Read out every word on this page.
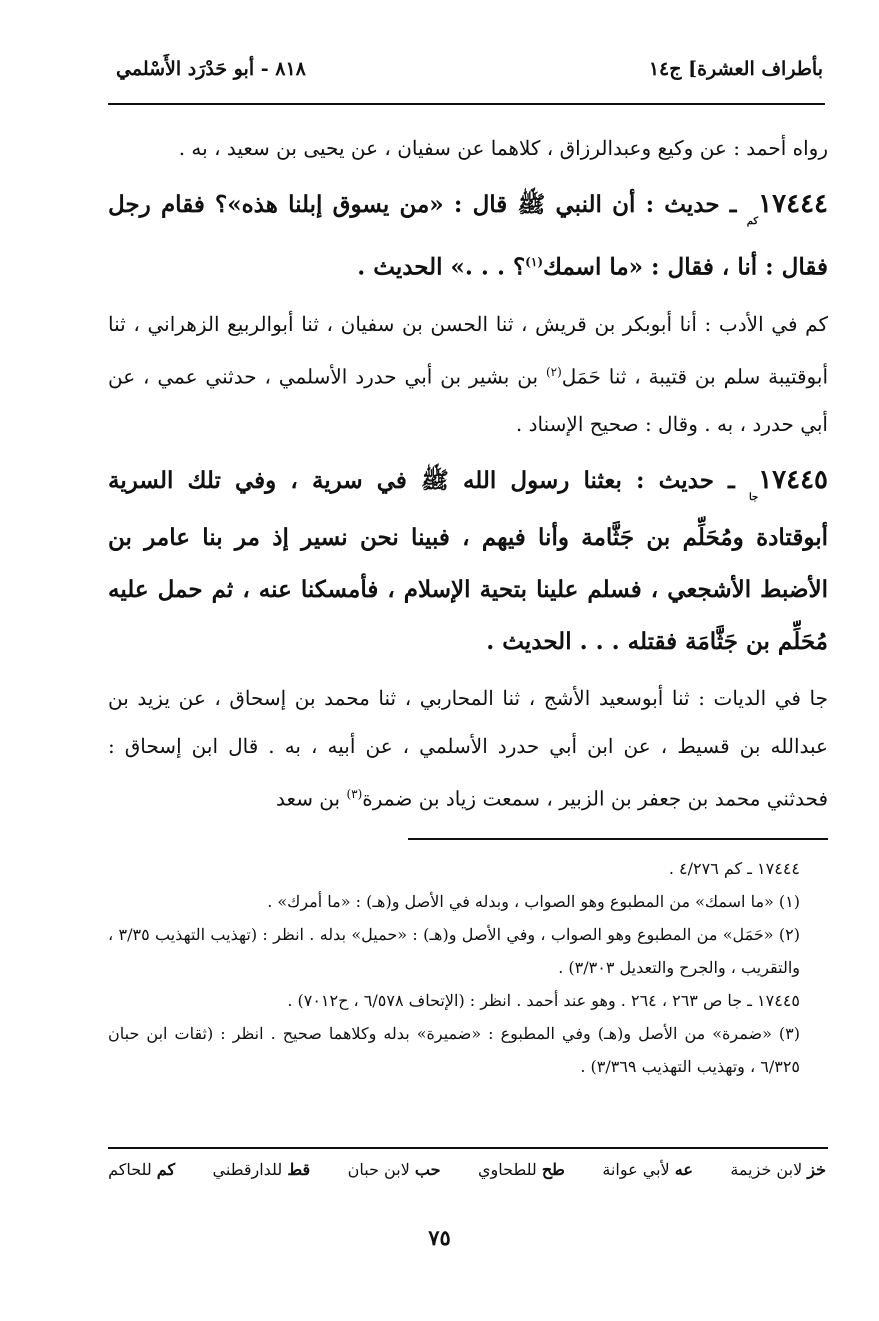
بأطراف العشرة] ج١٤
٨١٨ - أبو حَدْرَد الأَسْلمي

رواه أحمد : عن وكيع وعبدالرزاق ، كلاهما عن سفيان ، عن يحيى بن سعيد ، به .

١٧٤٤٤كم ـ حديث : أن النبي ﷺ قال : «من يسوق إبلنا هذه»؟ فقام رجل فقال : أنا ، فقال : «ما اسمك$^{(١)}$؟ . . .» الحديث .

كم في الأدب : أنا أبوبكر بن قريش ، ثنا الحسن بن سفيان ، ثنا أبوالربيع الزهراني ، ثنا أبوقتيبة سلم بن قتيبة ، ثنا حَمَل$^{(٢)}$ بن بشير بن أبي حدرد الأسلمي ، حدثني عمي ، عن أبي حدرد ، به . وقال : صحيح الإسناد .

١٧٤٤٥جا ـ حديث : بعثنا رسول الله ﷺ في سرية ، وفي تلك السرية أبوقتادة ومُحَلِّم بن جَثَّامة وأنا فيهم ، فبينا نحن نسير إذ مر بنا عامر بن الأضبط الأشجعي ، فسلم علينا بتحية الإسلام ، فأمسكنا عنه ، ثم حمل عليه مُحَلِّم بن جَثَّامَة فقتله . . . الحديث .

جا في الديات : ثنا أبوسعيد الأشج ، ثنا المحاربي ، ثنا محمد بن إسحاق ، عن يزيد بن عبدالله بن قسيط ، عن ابن أبي حدرد الأسلمي ، عن أبيه ، به . قال ابن إسحاق : فحدثني محمد بن جعفر بن الزبير ، سمعت زياد بن ضمرة$^{(٣)}$ بن سعد

١٧٤٤٤ ـ كم ٤/٢٧٦ .

(١) «ما اسمك» من المطبوع وهو الصواب ، وبدله في الأصل و(هـ) : «ما أمرك» .

(٢) «حَمَل» من المطبوع وهو الصواب ، وفي الأصل و(هـ) : «حميل» بدله . انظر : (تهذيب التهذيب ٣/٣٥ ، والتقريب ، والجرح والتعديل ٣/٣٠٣) .

١٧٤٤٥ ـ جا ص ٢٦٣ ، ٢٦٤ . وهو عند أحمد . انظر : (الإتحاف ٦/٥٧٨ ، ح٧٠١٢) .

(٣) «ضمرة» من الأصل و(هـ) وفي المطبوع : «ضميرة» بدله وكلاهما صحيح . انظر : (ثقات ابن حبان ٦/٣٢٥ ، وتهذيب التهذيب ٣/٣٦٩) .

خز لابن خزيمة
عه لأبي عوانة
طح للطحاوي
حب لابن حبان
قط للدارقطني
كم للحاكم
٧٥
